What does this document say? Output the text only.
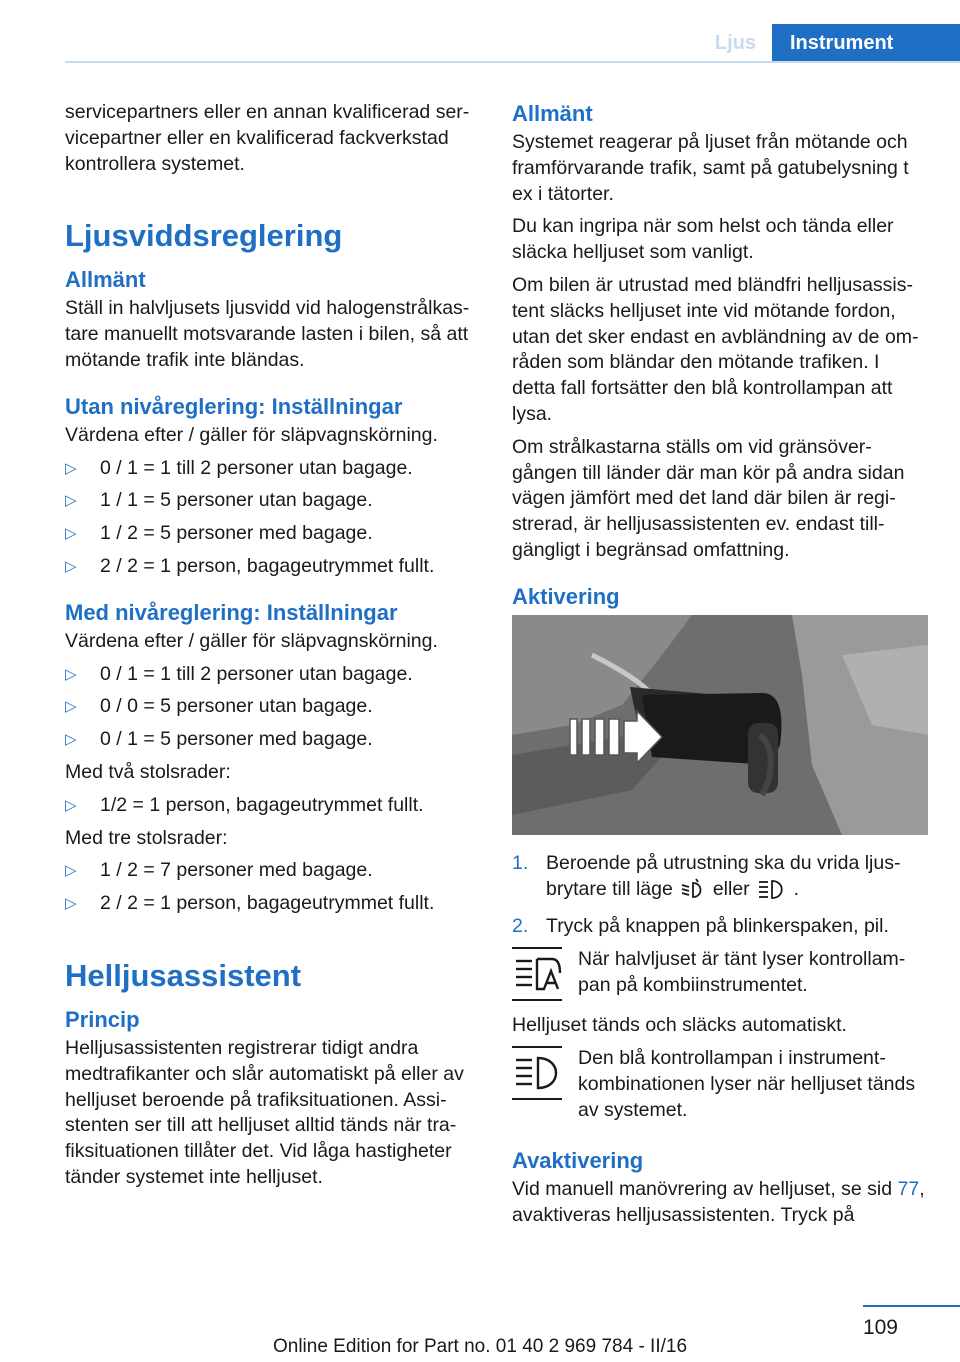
Ljus	Instrument

servicepartners eller en annan kvalificerad ser- vicepartner eller en kvalificerad fackverkstad kontrollera systemet.

Ljusviddsreglering
Allmänt

Ställ in halvljusets ljusvidd vid halogenstrålkas- tare manuellt motsvarande lasten i bilen, så att mötande trafik inte bländas.

Utan nivåreglering: Inställningar

Värdena efter / gäller för släpvagnskörning.

▷ 0 / 1 = 1 till 2 personer utan bagage.
▷ 1 / 1 = 5 personer utan bagage.
▷ 1 / 2 = 5 personer med bagage.
▷ 2 / 2 = 1 person, bagageutrymmet fullt.
Med nivåreglering: Inställningar

Värdena efter / gäller för släpvagnskörning.

▷ 0 / 1 = 1 till 2 personer utan bagage.
▷ 0 / 0 = 5 personer utan bagage.
▷ 0 / 1 = 5 personer med bagage.

Med två stolsrader:

▷ 1/2 = 1 person, bagageutrymmet fullt.

Med tre stolsrader:

▷ 1 / 2 = 7 personer med bagage.
▷ 2 / 2 = 1 person, bagageutrymmet fullt.
Helljusassistent
Princip

Helljusassistenten registrerar tidigt andra medtrafikanter och slår automatiskt på eller av helljuset beroende på trafiksituationen. Assi- stenten ser till att helljuset alltid tänds när tra- fiksituationen tillåter det. Vid låga hastigheter tänder systemet inte helljuset.

Allmänt

Systemet reagerar på ljuset från mötande och framförvarande trafik, samt på gatubelysning t ex i tätorter.

Du kan ingripa när som helst och tända eller släcka helljuset som vanligt.

Om bilen är utrustad med bländfri helljusassis- tent släcks helljuset inte vid mötande fordon, utan det sker endast en avbländning av de om- råden som bländar den mötande trafiken. I detta fall fortsätter den blå kontrollampan att lysa.

Om strålkastarna ställs om vid gränsöver- gången till länder där man kör på andra sidan vägen jämfört med det land där bilen är regi- strerad, är helljusassistenten ev. endast till- gängligt i begränsad omfattning.

Aktivering
1. Beroende på utrustning ska du vrida ljus- brytare till läge eller .
2. Tryck på knappen på blinkerspaken, pil.
När halvljuset är tänt lyser kontrollam- pan på kombiinstrumentet.

Helljuset tänds och släcks automatiskt.

Den blå kontrollampan i instrument- kombinationen lyser när helljuset tänds av systemet.
Avaktivering

Vid manuell manövrering av helljuset, se sid 77, avaktiveras helljusassistenten. Tryck på

109
Online Edition for Part no. 01 40 2 969 784 - II/16
